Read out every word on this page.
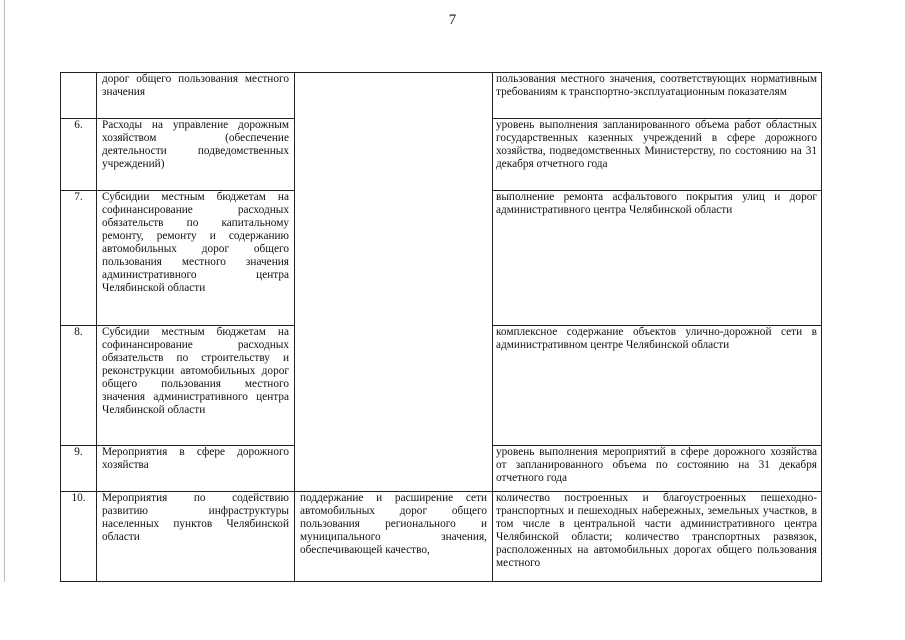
7

	дорог общего пользования местного значения		пользования местного значения, соответствующих нормативным требованиям к транспортно-эксплуатационным показателям

6.	Расходы на управление дорожным хозяйством (обеспечение деятельности подведомственных учреждений)		уровень выполнения запланированного объема работ областных государственных казенных учреждений в сфере дорожного хозяйства, подведомственных Министерству, по состоянию на 31 декабря отчетного года

7.	Субсидии местным бюджетам на софинансирование расходных обязательств по капитальному ремонту, ремонту и содержанию автомобильных дорог общего пользования местного значения административного центра Челябинской области		выполнение ремонта асфальтового покрытия улиц и дорог административного центра Челябинской области

8.	Субсидии местным бюджетам на софинансирование расходных обязательств по строительству и реконструкции автомобильных дорог общего пользования местного значения административного центра Челябинской области		комплексное содержание объектов улично-дорожной сети в административном центре Челябинской области

9.	Мероприятия в сфере дорожного хозяйства		уровень выполнения мероприятий в сфере дорожного хозяйства от запланированного объема по состоянию на 31 декабря отчетного года

10.	Мероприятия по содействию развитию инфраструктуры населенных пунктов Челябинской области	поддержание и расширение сети автомобильных дорог общего пользования регионального и муниципального значения, обеспечивающей качество,	количество построенных и благоустроенных пешеходно-транспортных и пешеходных набережных, земельных участков, в том числе в центральной части административного центра Челябинской области; количество транспортных развязок, расположенных на автомобильных дорогах общего пользования местного
